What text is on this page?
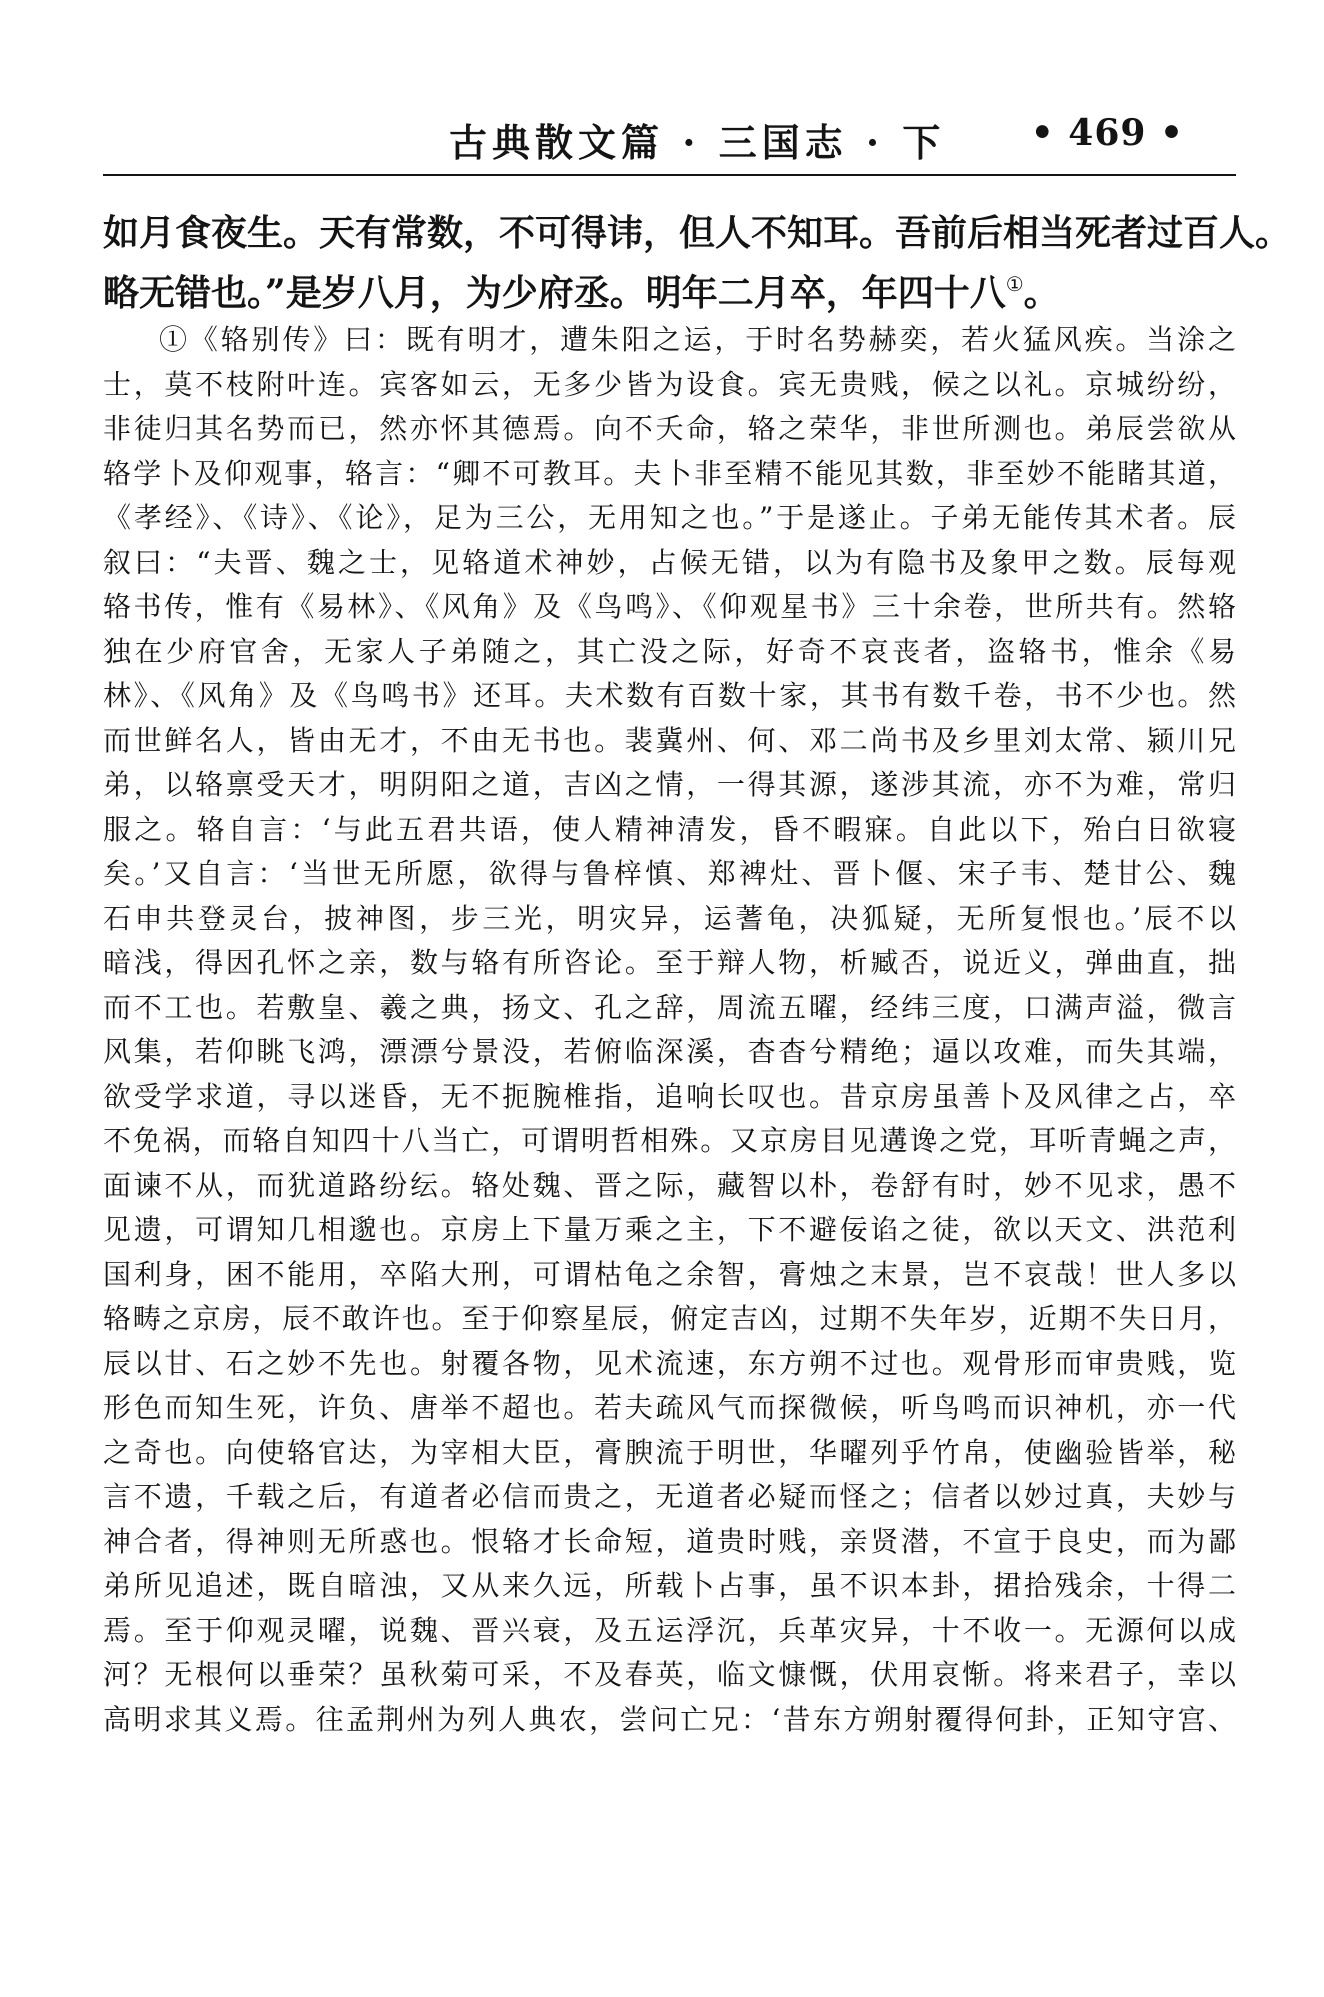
古典散文篇 · 三国志 · 下 • 469 •
如月食夜生。天有常数，不可得讳，但人不知耳。吾前后相当死者过百人。
略无错也。”是岁八月，为少府丞。明年二月卒，年四十八①。
①《辂别传》曰：既有明才，遭朱阳之运，于时名势赫奕，若火猛风疾。当涂之
士，莫不枝附叶连。宾客如云，无多少皆为设食。宾无贵贱，候之以礼。京城纷纷，
非徒归其名势而已，然亦怀其德焉。向不夭命，辂之荣华，非世所测也。弟辰尝欲从
辂学卜及仰观事，辂言：“卿不可教耳。夫卜非至精不能见其数，非至妙不能睹其道，
《孝经》、《诗》、《论》，足为三公，无用知之也。”于是遂止。子弟无能传其术者。辰
叙曰：“夫晋、魏之士，见辂道术神妙，占候无错，以为有隐书及象甲之数。辰每观
辂书传，惟有《易林》、《风角》及《鸟鸣》、《仰观星书》三十余卷，世所共有。然辂
独在少府官舍，无家人子弟随之，其亡没之际，好奇不哀丧者，盗辂书，惟余《易
林》、《风角》及《鸟鸣书》还耳。夫术数有百数十家，其书有数千卷，书不少也。然
而世鲜名人，皆由无才，不由无书也。裴冀州、何、邓二尚书及乡里刘太常、颍川兄
弟，以辂禀受天才，明阴阳之道，吉凶之情，一得其源，遂涉其流，亦不为难，常归
服之。辂自言：‘与此五君共语，使人精神清发，昏不暇寐。自此以下，殆白日欲寝
矣。’又自言：‘当世无所愿，欲得与鲁梓慎、郑裨灶、晋卜偃、宋子韦、楚甘公、魏
石申共登灵台，披神图，步三光，明灾异，运蓍龟，决狐疑，无所复恨也。’辰不以
暗浅，得因孔怀之亲，数与辂有所咨论。至于辩人物，析臧否，说近义，弹曲直，拙
而不工也。若敷皇、羲之典，扬文、孔之辞，周流五曜，经纬三度，口满声溢，微言
风集，若仰眺飞鸿，漂漂兮景没，若俯临深溪，杳杳兮精绝；逼以攻难，而失其端，
欲受学求道，寻以迷昏，无不扼腕椎指，追响长叹也。昔京房虽善卜及风律之占，卒
不免祸，而辂自知四十八当亡，可谓明哲相殊。又京房目见遘谗之党，耳听青蝇之声，
面谏不从，而犹道路纷纭。辂处魏、晋之际，藏智以朴，卷舒有时，妙不见求，愚不
见遗，可谓知几相邈也。京房上下量万乘之主，下不避佞谄之徒，欲以天文、洪范利
国利身，困不能用，卒陷大刑，可谓枯龟之余智，膏烛之末景，岂不哀哉！世人多以
辂畴之京房，辰不敢许也。至于仰察星辰，俯定吉凶，过期不失年岁，近期不失日月，
辰以甘、石之妙不先也。射覆各物，见术流速，东方朔不过也。观骨形而审贵贱，览
形色而知生死，许负、唐举不超也。若夫疏风气而探微候，听鸟鸣而识神机，亦一代
之奇也。向使辂官达，为宰相大臣，膏腴流于明世，华曜列乎竹帛，使幽验皆举，秘
言不遗，千载之后，有道者必信而贵之，无道者必疑而怪之；信者以妙过真，夫妙与
神合者，得神则无所惑也。恨辂才长命短，道贵时贱，亲贤潜，不宣于良史，而为鄙
弟所见追述，既自暗浊，又从来久远，所载卜占事，虽不识本卦，捃拾残余，十得二
焉。至于仰观灵曜，说魏、晋兴衰，及五运浮沉，兵革灾异，十不收一。无源何以成
河？无根何以垂荣？虽秋菊可采，不及春英，临文慷慨，伏用哀惭。将来君子，幸以
高明求其义焉。往孟荆州为列人典农，尝问亡兄：‘昔东方朔射覆得何卦，正知守宫、
